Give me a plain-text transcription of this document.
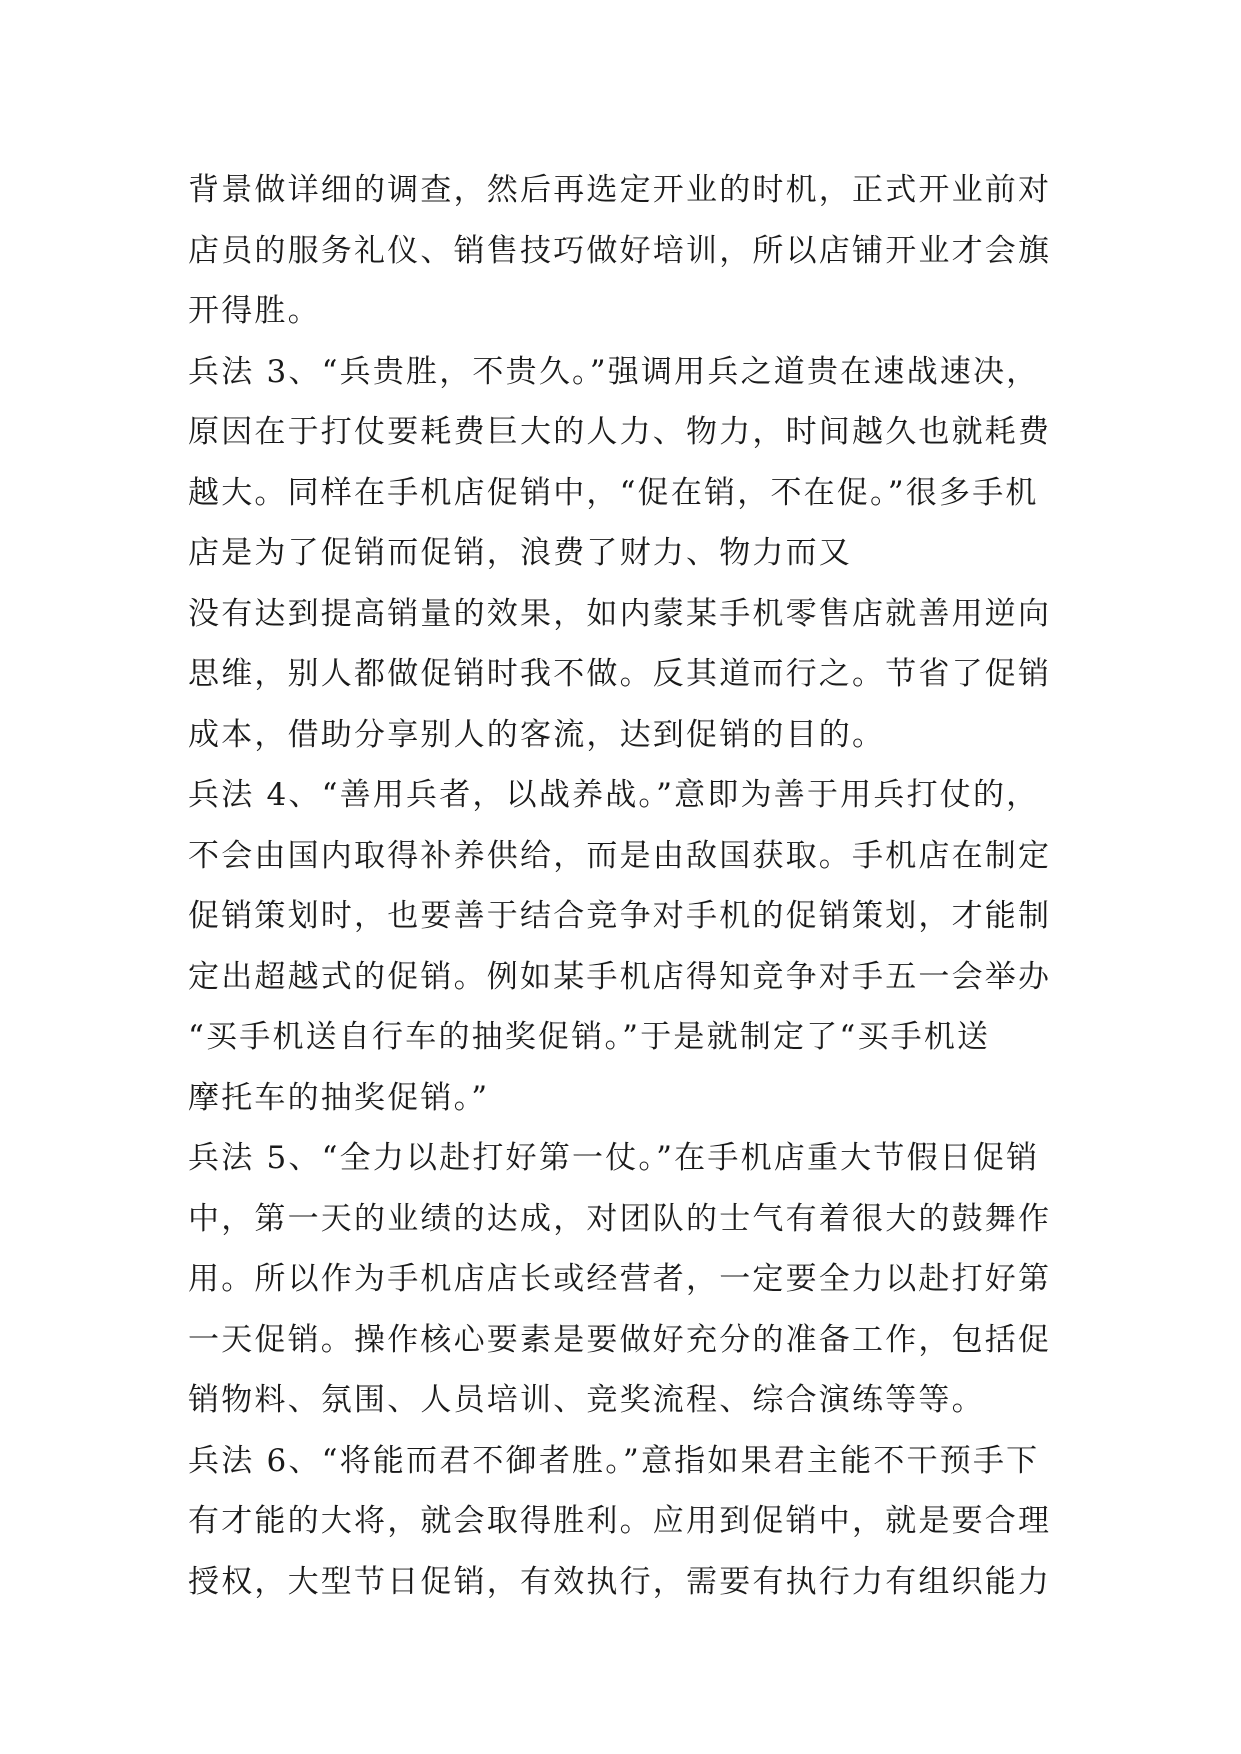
背景做详细的调查，然后再选定开业的时机，正式开业前对
店员的服务礼仪、销售技巧做好培训，所以店铺开业才会旗
开得胜。
兵法 3、“兵贵胜，不贵久。”强调用兵之道贵在速战速决，
原因在于打仗要耗费巨大的人力、物力，时间越久也就耗费
越大。同样在手机店促销中，“促在销，不在促。”很多手机
店是为了促销而促销，浪费了财力、物力而又
没有达到提高销量的效果，如内蒙某手机零售店就善用逆向
思维，别人都做促销时我不做。反其道而行之。节省了促销
成本，借助分享别人的客流，达到促销的目的。
兵法 4、“善用兵者，以战养战。”意即为善于用兵打仗的，
不会由国内取得补养供给，而是由敌国获取。手机店在制定
促销策划时，也要善于结合竞争对手机的促销策划，才能制
定出超越式的促销。例如某手机店得知竞争对手五一会举办
“买手机送自行车的抽奖促销。”于是就制定了“买手机送
摩托车的抽奖促销。”
兵法 5、“全力以赴打好第一仗。”在手机店重大节假日促销
中，第一天的业绩的达成，对团队的士气有着很大的鼓舞作
用。所以作为手机店店长或经营者，一定要全力以赴打好第
一天促销。操作核心要素是要做好充分的准备工作，包括促
销物料、氛围、人员培训、竞奖流程、综合演练等等。
兵法 6、“将能而君不御者胜。”意指如果君主能不干预手下
有才能的大将，就会取得胜利。应用到促销中，就是要合理
授权，大型节日促销，有效执行，需要有执行力有组织能力
